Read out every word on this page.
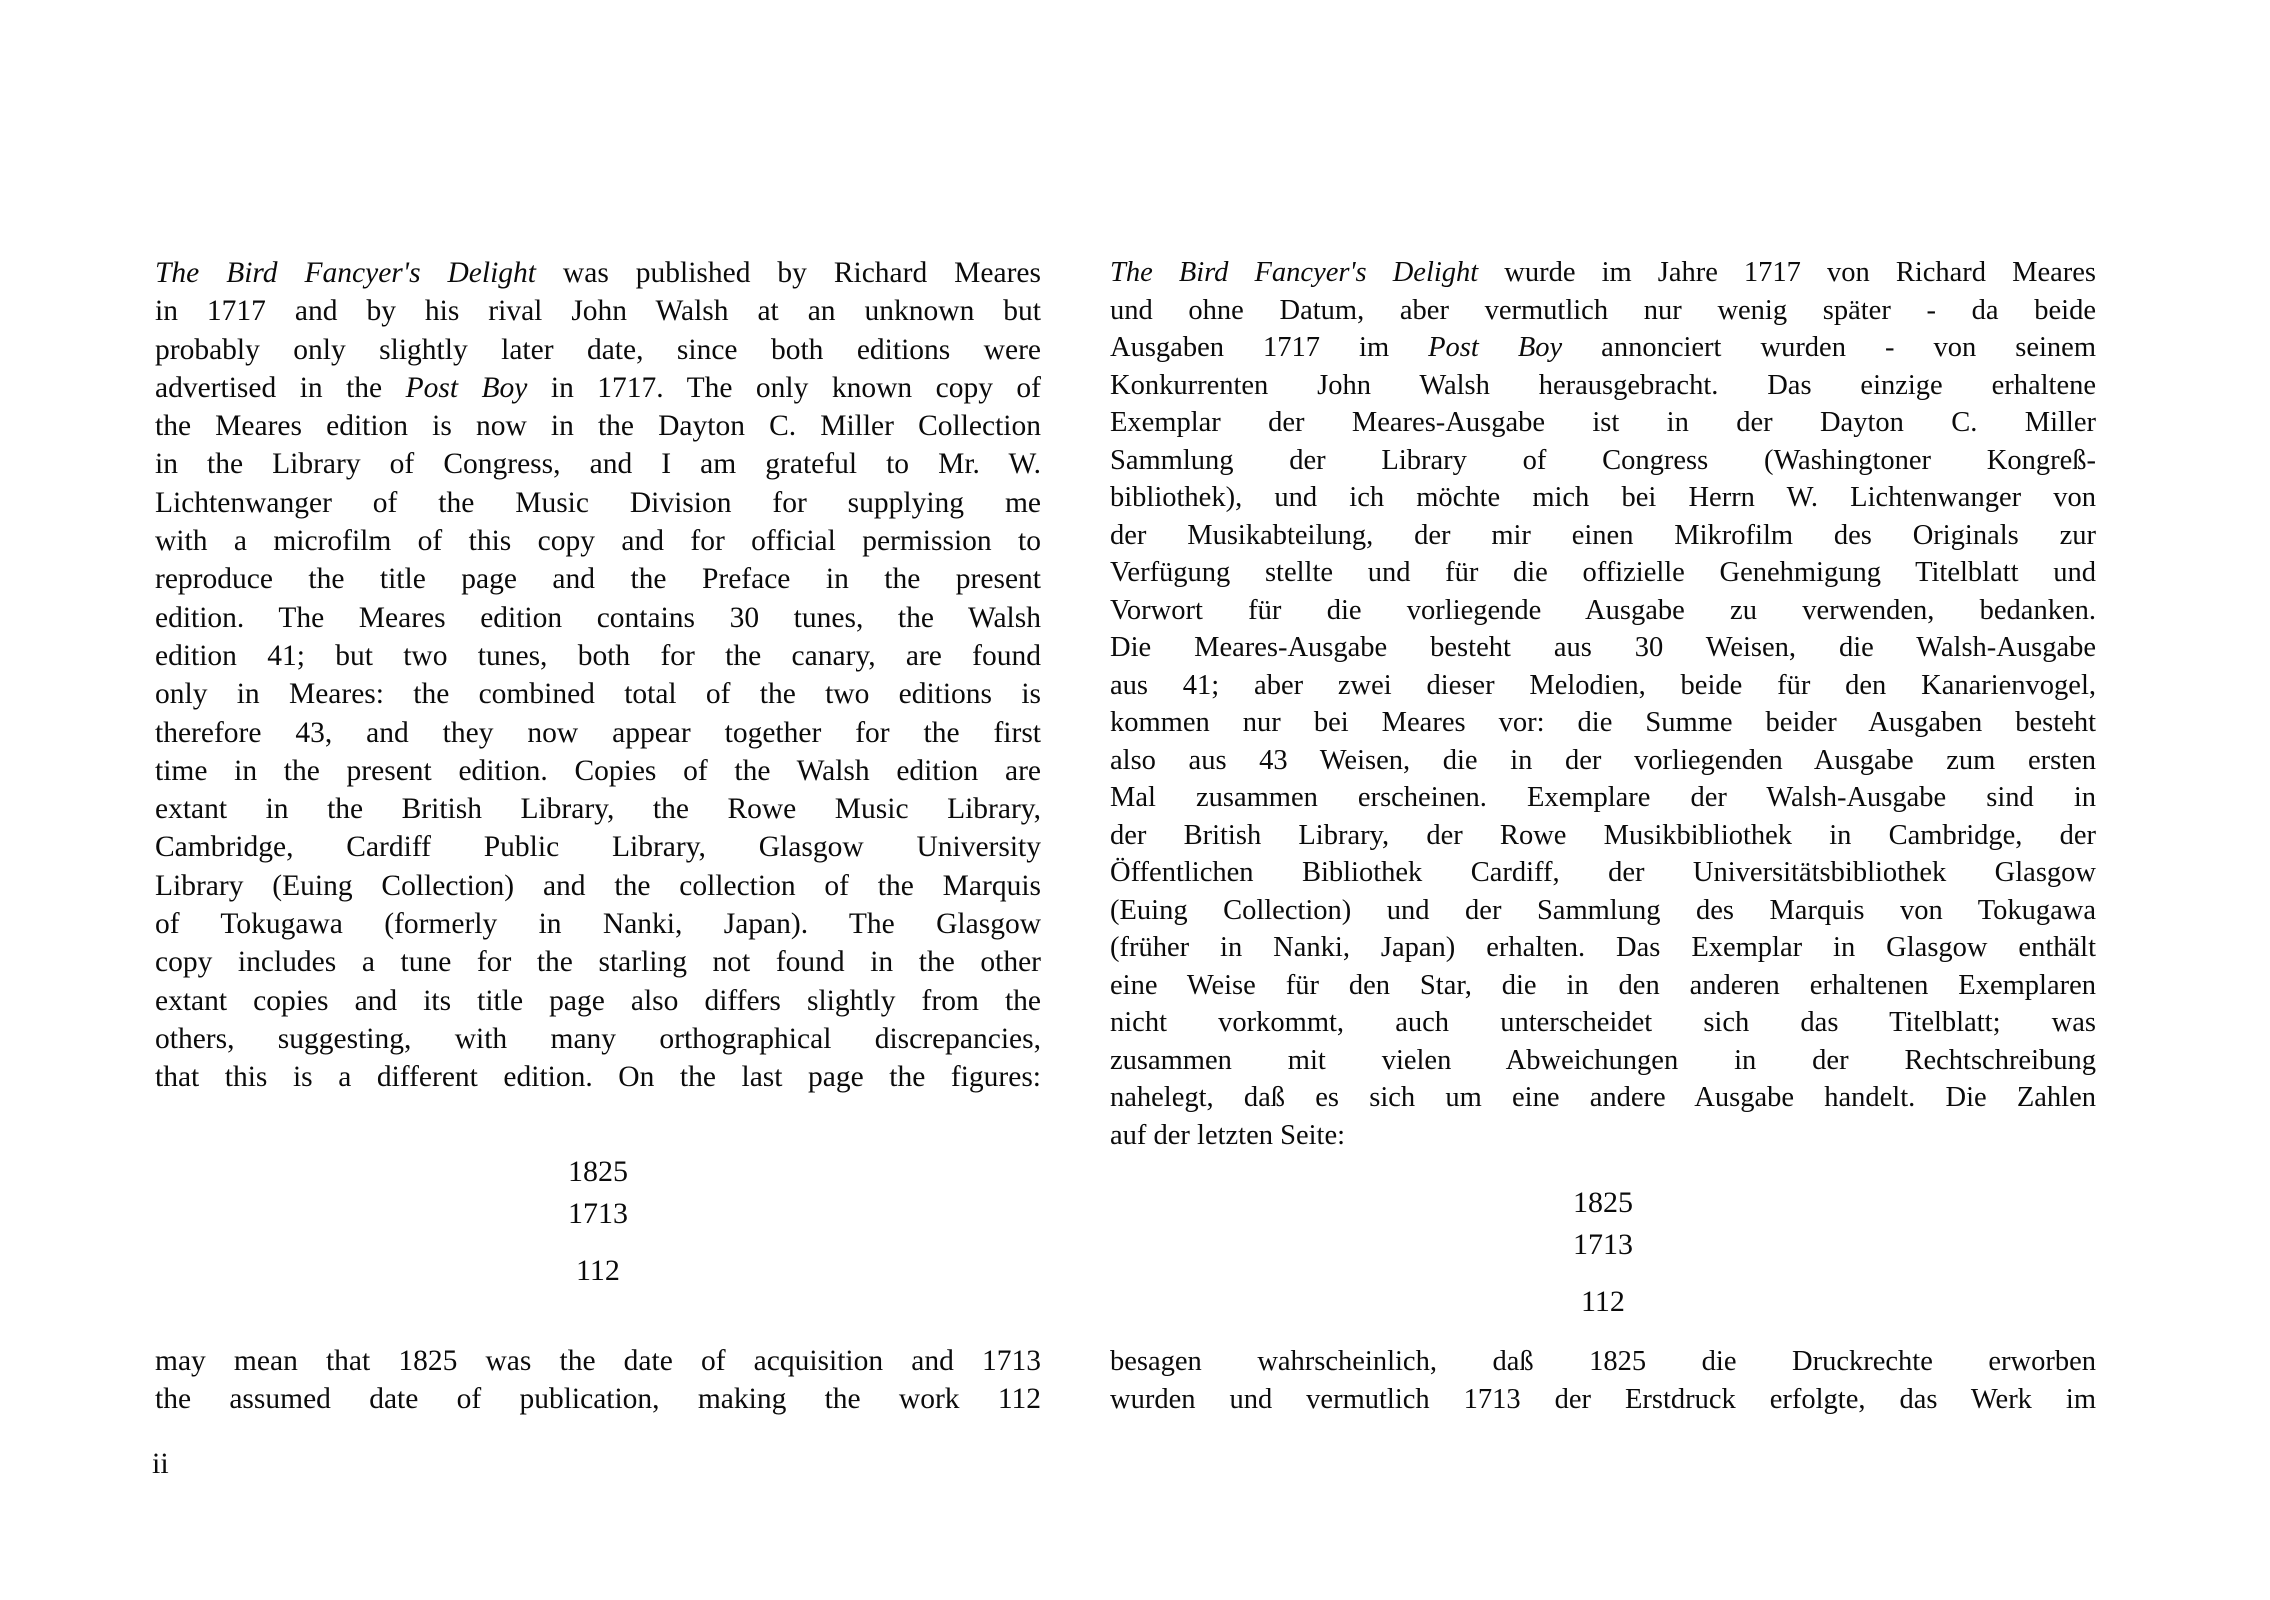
The Bird Fancyer's Delight was published by Richard Meares
in 1717 and by his rival John Walsh at an unknown but
probably only slightly later date, since both editions were
advertised in the Post Boy in 1717. The only known copy of
the Meares edition is now in the Dayton C. Miller Collection
in the Library of Congress, and I am grateful to Mr. W.
Lichtenwanger of the Music Division for supplying me
with a microfilm of this copy and for official permission to
reproduce the title page and the Preface in the present
edition. The Meares edition contains 30 tunes, the Walsh
edition 41; but two tunes, both for the canary, are found
only in Meares: the combined total of the two editions is
therefore 43, and they now appear together for the first
time in the present edition. Copies of the Walsh edition are
extant in the British Library, the Rowe Music Library,
Cambridge, Cardiff Public Library, Glasgow University
Library (Euing Collection) and the collection of the Marquis
of Tokugawa (formerly in Nanki, Japan). The Glasgow
copy includes a tune for the starling not found in the other
extant copies and its title page also differs slightly from the
others, suggesting, with many orthographical discrepancies,
that this is a different edition. On the last page the figures:
1825
1713
112
may mean that 1825 was the date of acquisition and 1713
the assumed date of publication, making the work 112
The Bird Fancyer's Delight wurde im Jahre 1717 von Richard Meares
und ohne Datum, aber vermutlich nur wenig später - da beide
Ausgaben 1717 im Post Boy annonciert wurden - von seinem
Konkurrenten John Walsh herausgebracht. Das einzige erhaltene
Exemplar der Meares-Ausgabe ist in der Dayton C. Miller
Sammlung der Library of Congress (Washingtoner Kongreß-
bibliothek), und ich möchte mich bei Herrn W. Lichtenwanger von
der Musikabteilung, der mir einen Mikrofilm des Originals zur
Verfügung stellte und für die offizielle Genehmigung Titelblatt und
Vorwort für die vorliegende Ausgabe zu verwenden, bedanken.
Die Meares-Ausgabe besteht aus 30 Weisen, die Walsh-Ausgabe
aus 41; aber zwei dieser Melodien, beide für den Kanarienvogel,
kommen nur bei Meares vor: die Summe beider Ausgaben besteht
also aus 43 Weisen, die in der vorliegenden Ausgabe zum ersten
Mal zusammen erscheinen. Exemplare der Walsh-Ausgabe sind in
der British Library, der Rowe Musikbibliothek in Cambridge, der
Öffentlichen Bibliothek Cardiff, der Universitätsbibliothek Glasgow
(Euing Collection) und der Sammlung des Marquis von Tokugawa
(früher in Nanki, Japan) erhalten. Das Exemplar in Glasgow enthält
eine Weise für den Star, die in den anderen erhaltenen Exemplaren
nicht vorkommt, auch unterscheidet sich das Titelblatt; was
zusammen mit vielen Abweichungen in der Rechtschreibung
nahelegt, daß es sich um eine andere Ausgabe handelt. Die Zahlen
auf der letzten Seite:
1825
1713
112
besagen wahrscheinlich, daß 1825 die Druckrechte erworben
wurden und vermutlich 1713 der Erstdruck erfolgte, das Werk im
ii
